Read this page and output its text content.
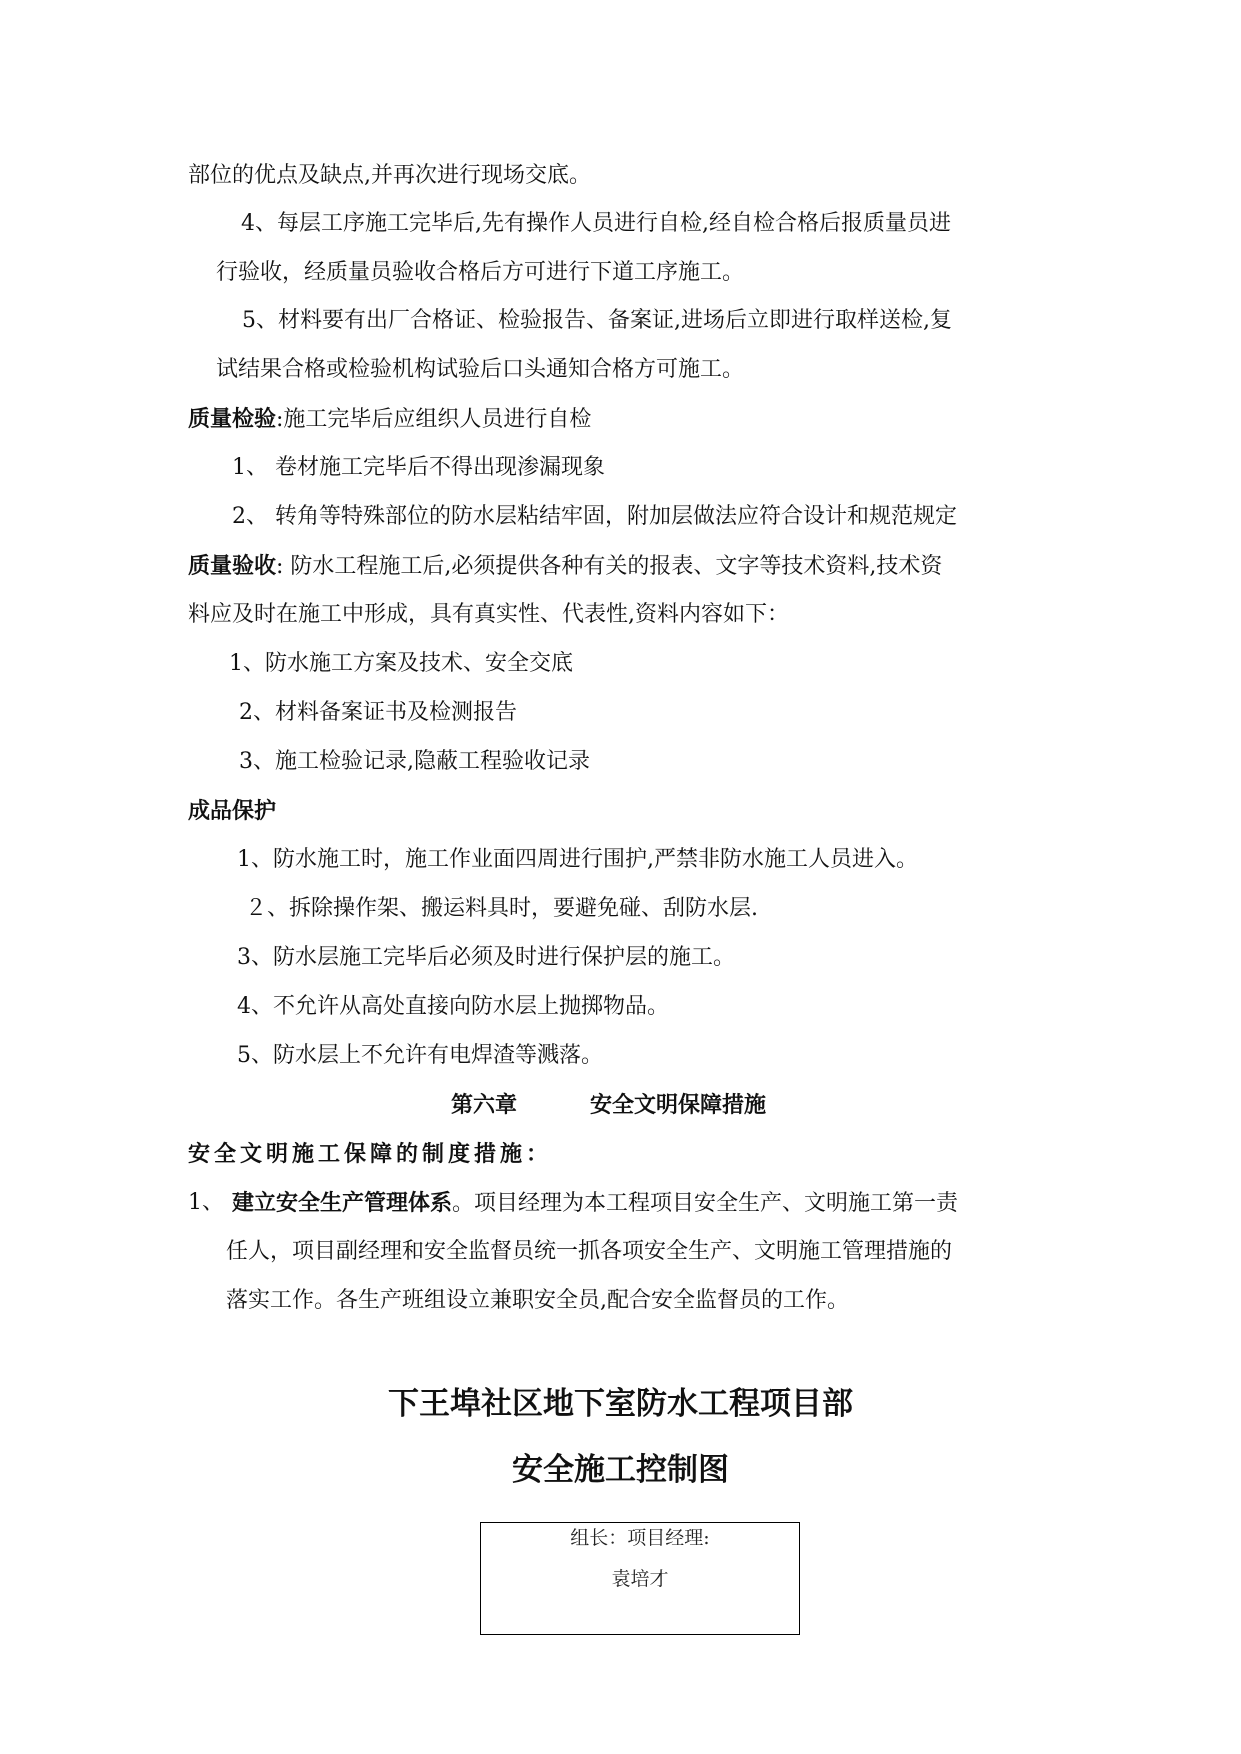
部位的优点及缺点,并再次进行现场交底。
4、每层工序施工完毕后,先有操作人员进行自检,经自检合格后报质量员进
行验收，经质量员验收合格后方可进行下道工序施工。
5、材料要有出厂合格证、检验报告、备案证,进场后立即进行取样送检,复
试结果合格或检验机构试验后口头通知合格方可施工。
质量检验:施工完毕后应组织人员进行自检
1、 卷材施工完毕后不得出现渗漏现象
2、 转角等特殊部位的防水层粘结牢固，附加层做法应符合设计和规范规定
质量验收: 防水工程施工后,必须提供各种有关的报表、文字等技术资料,技术资
料应及时在施工中形成，具有真实性、代表性,资料内容如下：
1、防水施工方案及技术、安全交底
2、材料备案证书及检测报告
3、施工检验记录,隐蔽工程验收记录
成品保护
1、防水施工时，施工作业面四周进行围护,严禁非防水施工人员进入。
２、拆除操作架、搬运料具时，要避免碰、刮防水层.
3、防水层施工完毕后必须及时进行保护层的施工。
4、不允许从高处直接向防水层上抛掷物品。
5、防水层上不允许有电焊渣等溅落。
第六章	安全文明保障措施
安全文明施工保障的制度措施：
1、 建立安全生产管理体系。项目经理为本工程项目安全生产、文明施工第一责
任人，项目副经理和安全监督员统一抓各项安全生产、文明施工管理措施的
落实工作。各生产班组设立兼职安全员,配合安全监督员的工作。
下王埠社区地下室防水工程项目部
安全施工控制图
组长：项目经理:
袁培才
